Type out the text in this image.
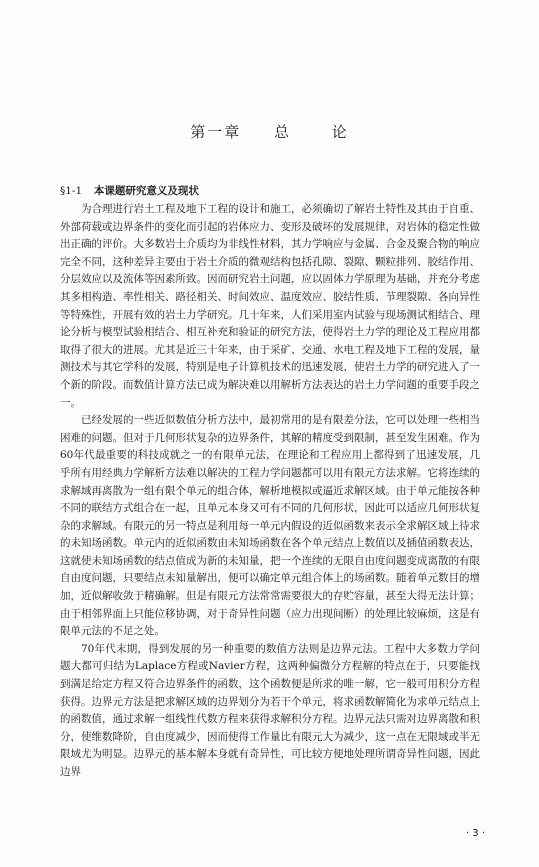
第一章 总	论
§1-1 本课题研究意义及现状

为合理进行岩土工程及地下工程的设计和施工，必须确切了解岩土特性及其由于自重、外部荷载或边界条件的变化而引起的岩体应力、变形及破坏的发展规律，对岩体的稳定性做出正确的评价。大多数岩土介质均为非线性材料，其力学响应与金属、合金及聚合物的响应完全不同，这种差异主要由于岩土介质的微观结构包括孔隙、裂隙、颗粒排列、胶结作用、分层效应以及流体等因素所致。因而研究岩土问题，应以固体力学原理为基础，并充分考虑其多相构造、率性相关、路径相关、时间效应、温度效应、胶结性质、节理裂隙、各向异性等特殊性，开展有效的岩土力学研究。几十年来，人们采用室内试验与现场测试相结合、理论分析与模型试验相结合、相互补充和验证的研究方法，使得岩土力学的理论及工程应用都取得了很大的进展。尤其是近三十年来，由于采矿、交通、水电工程及地下工程的发展，量测技术与其它学科的发展，特别是电子计算机技术的迅速发展，使岩土力学的研究进入了一个新的阶段。而数值计算方法已成为解决难以用解析方法表达的岩土力学问题的重要手段之一。

已经发展的一些近似数值分析方法中，最初常用的是有限差分法，它可以处理一些相当困难的问题。但对于几何形状复杂的边界条件，其解的精度受到限制，甚至发生困难。作为60年代最重要的科技成就之一的有限单元法，在理论和工程应用上都得到了迅速发展，几乎所有用经典力学解析方法难以解决的工程力学问题都可以用有限元方法求解。它将连续的求解域再离散为一组有限个单元的组合体，解析地模拟或逼近求解区域。由于单元能按各种不同的联结方式组合在一起，且单元本身又可有不同的几何形状，因此可以适应几何形状复杂的求解域。有限元的另一特点是利用每一单元内假设的近似函数来表示全求解区域上待求的未知场函数。单元内的近似函数由未知场函数在各个单元结点上数值以及插值函数表达，这就使未知场函数的结点值成为新的未知量，把一个连续的无限自由度问题变成离散的有限自由度问题，只要结点未知量解出，便可以确定单元组合体上的场函数。随着单元数目的增加，近似解收敛于精确解。但是有限元方法常常需要很大的存贮容量，甚至大得无法计算；由于相邻界面上只能位移协调，对于奇异性问题（应力出现间断）的处理比较麻烦，这是有限单元法的不足之处。

70年代末期，得到发展的另一种重要的数值方法则是边界元法。工程中大多数力学问题大都可归结为Laplace方程或Navier方程，这两种偏微分方程解的特点在于，只要能找到满足给定方程又符合边界条件的函数，这个函数便是所求的唯一解，它一般可用积分方程获得。边界元方法是把求解区域的边界划分为若干个单元，将求函数解简化为求单元结点上的函数值，通过求解一组线性代数方程来获得求解积分方程。边界元法只需对边界离散和积分，使维数降阶，自由度减少，因而使得工作量比有限元大为减少，这一点在无限域或半无限域尤为明显。边界元的基本解本身就有奇异性，可比较方便地处理所谓奇异性问题，因此边界

· 3 ·
